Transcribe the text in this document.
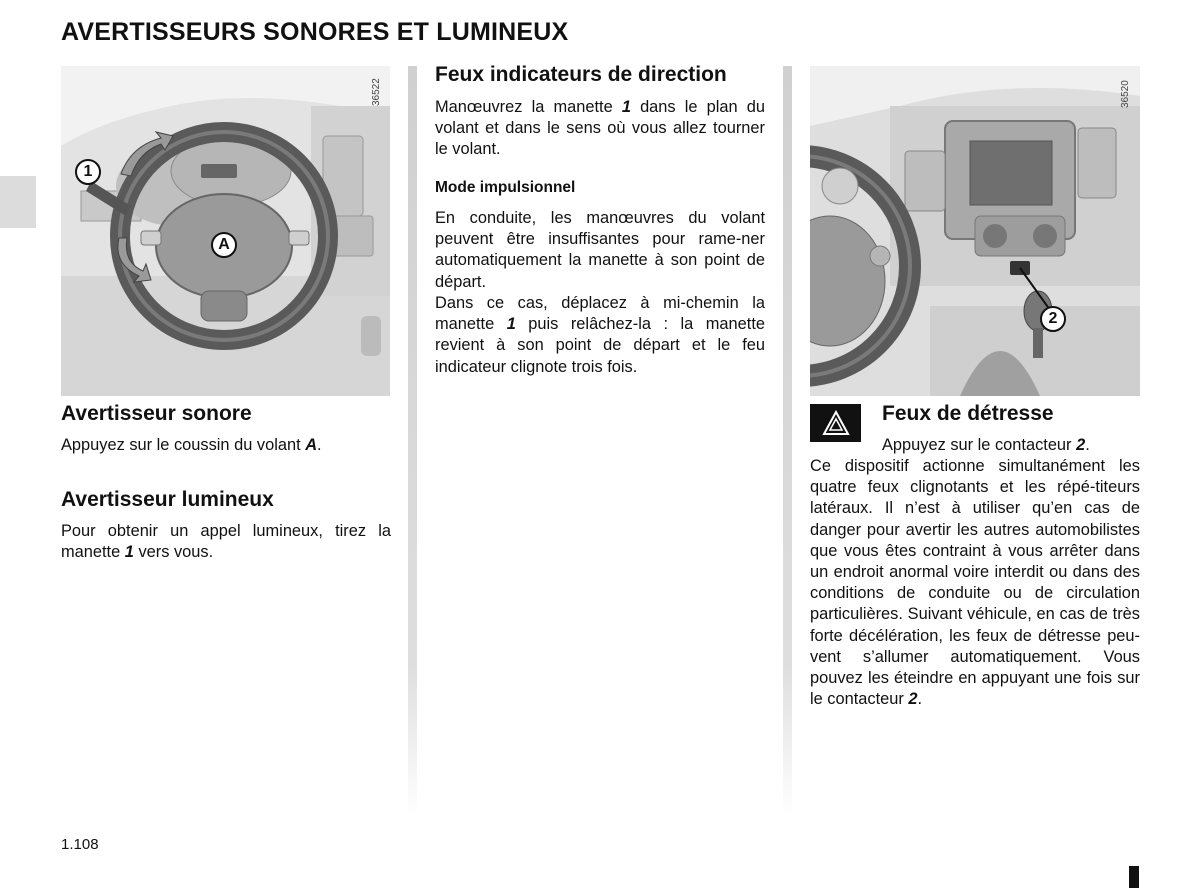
AVERTISSEURS SONORES ET LUMINEUX
1
A
36522
Avertisseur sonore

Appuyez sur le coussin du volant A.

Avertisseur lumineux

Pour obtenir un appel lumineux, tirez la manette 1 vers vous.

Feux indicateurs de direction

Manœuvrez la manette 1 dans le plan du volant et dans le sens où vous allez tourner le volant.

Mode impulsionnel

En conduite, les manœuvres du volant peuvent être insuffisantes pour rame-ner automatiquement la manette à son point de départ.

Dans ce cas, déplacez à mi-chemin la manette 1 puis relâchez-la : la manette revient à son point de départ et le feu indicateur clignote trois fois.

2
36520
Feux de détresse

Appuyez sur le contacteur 2.

Ce dispositif actionne simultanément les quatre feux clignotants et les répé-titeurs latéraux. Il n’est à utiliser qu’en cas de danger pour avertir les autres automobilistes que vous êtes contraint à vous arrêter dans un endroit anormal voire interdit ou dans des conditions de conduite ou de circulation particulières. Suivant véhicule, en cas de très forte décélération, les feux de détresse peu-vent s’allumer automatiquement. Vous pouvez les éteindre en appuyant une fois sur le contacteur 2.

1.108
